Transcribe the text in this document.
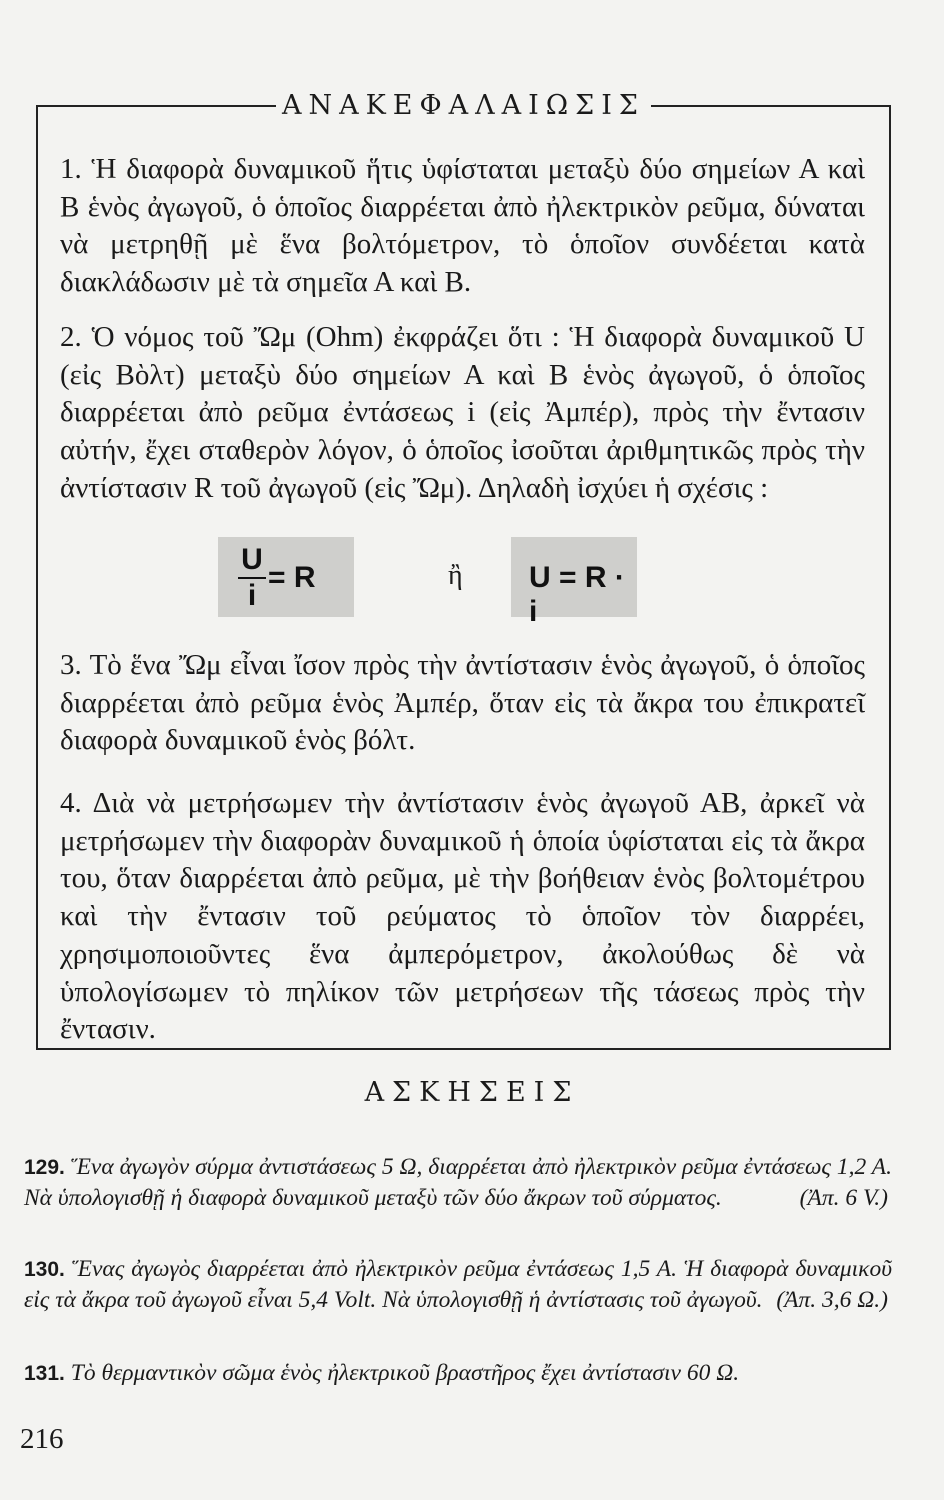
ΑΝΑΚΕΦΑΛΑΙΩΣΙΣ
1. Ἡ διαφορὰ δυναμικοῦ ἥτις ὑφίσταται μεταξὺ δύο σημείων Α καὶ Β ἑνὸς ἀγωγοῦ, ὁ ὁποῖος διαρρέεται ἀπὸ ἠλεκτρικὸν ρεῦμα, δύναται νὰ μετρηθῇ μὲ ἕνα βολτόμετρον, τὸ ὁποῖον συνδέεται κατὰ διακλάδωσιν μὲ τὰ σημεῖα Α καὶ Β.
2. Ὁ νόμος τοῦ Ὤμ (Ohm) ἐκφράζει ὅτι : Ἡ διαφορὰ δυναμικοῦ U (εἰς Βὸλτ) μεταξὺ δύο σημείων Α καὶ Β ἑνὸς ἀγωγοῦ, ὁ ὁποῖος διαρρέεται ἀπὸ ρεῦμα ἐντάσεως i (εἰς Ἀμπέρ), πρὸς τὴν ἔντασιν αὐτήν, ἔχει σταθερὸν λόγον, ὁ ὁποῖος ἰσοῦται ἀριθμητικῶς πρὸς τὴν ἀντίστασιν R τοῦ ἀγωγοῦ (εἰς Ὤμ). Δηλαδὴ ἰσχύει ἡ σχέσις :
U
i
= R	ἢ U = R · i
3. Τὸ ἕνα Ὤμ εἶναι ἴσον πρὸς τὴν ἀντίστασιν ἑνὸς ἀγωγοῦ, ὁ ὁποῖος διαρρέεται ἀπὸ ρεῦμα ἑνὸς Ἀμπέρ, ὅταν εἰς τὰ ἄκρα του ἐπικρατεῖ διαφορὰ δυναμικοῦ ἑνὸς βόλτ.
4. Διὰ νὰ μετρήσωμεν τὴν ἀντίστασιν ἑνὸς ἀγωγοῦ ΑΒ, ἀρκεῖ νὰ μετρήσωμεν τὴν διαφορὰν δυναμικοῦ ἡ ὁποία ὑφίσταται εἰς τὰ ἄκρα του, ὅταν διαρρέεται ἀπὸ ρεῦμα, μὲ τὴν βοήθειαν ἑνὸς βολτομέτρου καὶ τὴν ἔντασιν τοῦ ρεύματος τὸ ὁποῖον τὸν διαρρέει, χρησιμοποιοῦντες ἕνα ἀμπερόμετρον, ἀκολούθως δὲ νὰ ὑπολογίσωμεν τὸ πηλίκον τῶν μετρήσεων τῆς τάσεως πρὸς τὴν ἔντασιν.
ΑΣΚΗΣΕΙΣ
129. Ἕνα ἀγωγὸν σύρμα ἀντιστάσεως 5 Ω, διαρρέεται ἀπὸ ἠλεκτρικὸν ρεῦμα ἐντάσεως 1,2 Α. Νὰ ὑπολογισθῇ ἡ διαφορὰ δυναμικοῦ μεταξὺ τῶν δύο ἄκρων τοῦ σύρματος.	(Ἀπ. 6 V.)
130. Ἕνας ἀγωγὸς διαρρέεται ἀπὸ ἠλεκτρικὸν ρεῦμα ἐντάσεως 1,5 Α. Ἡ διαφορὰ δυναμικοῦ εἰς τὰ ἄκρα τοῦ ἀγωγοῦ εἶναι 5,4 Volt. Νὰ ὑπολογισθῇ ἡ ἀντίστασις τοῦ ἀγωγοῦ. (Ἀπ. 3,6 Ω.)
131. Τὸ θερμαντικὸν σῶμα ἑνὸς ἠλεκτρικοῦ βραστῆρος ἔχει ἀντίστασιν 60 Ω.
216
